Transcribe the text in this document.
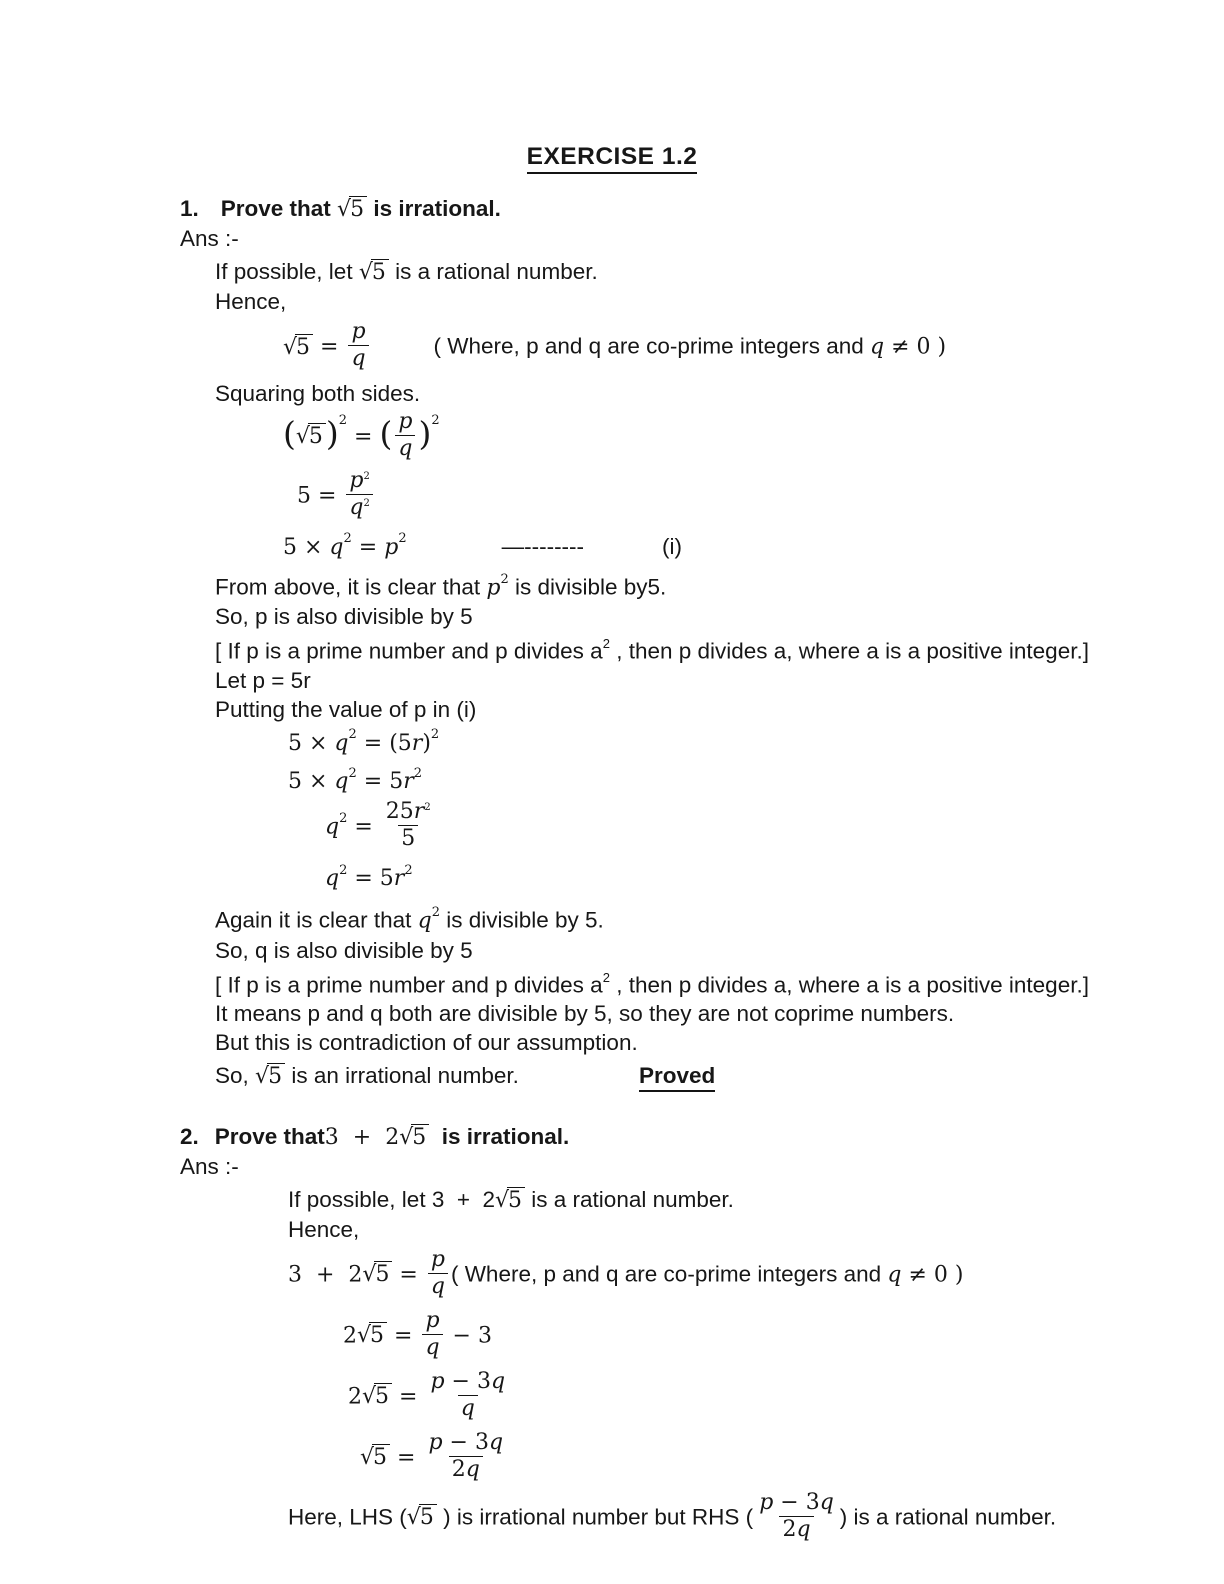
EXERCISE 1.2
1. Prove that √5 is irrational.
Ans :-
If possible, let √5 is a rational number.
Hence,
$√5 = \frac{p}{q}$	( Where, p and q are co-prime integers and q ≠ 0 )
Squaring both sides.
$(√5)^2$ = ( $\frac{p}{q} )^2$
$5 = \frac{p^2}{q^2}$
$5 \times q^2 = p^2$	—--------	(i)
From above, it is clear that $p^2$ is divisible by5.
So, p is also divisible by 5
[ If p is a prime number and p divides $a^2$ , then p divides a, where a is a positive integer.]
Let p = 5r
Putting the value of p in (i)
$5 \times q^2 = (5r)^2$
$5 \times q^2 = 5r^2$
$q^2 = \frac{25r^2}{5}$
$q^2 = 5r^2$
Again it is clear that $q^2$ is divisible by 5.
So, q is also divisible by 5
[ If p is a prime number and p divides $a^2$ , then p divides a, where a is a positive integer.]
It means p and q both are divisible by 5, so they are not coprime numbers.
But this is contradiction of our assumption.
So, √5 is an irrational number.	Proved
2. Prove that3  +  2√5  is irrational.
Ans :-
If possible, let 3  +  2√5 is a rational number.
Hence,
$3 + 2√5 = \frac{p}{q}$ ( Where, p and q are co-prime integers and q ≠ 0 )
$2√5 = \frac{p}{q} - 3$
$2√5 = \frac{p - 3q}{q}$
$√5 = \frac{p - 3q}{2q}$
Here, LHS (√5 ) is irrational number but RHS ( $\frac{p - 3q}{2q}$ ) is a rational number.
